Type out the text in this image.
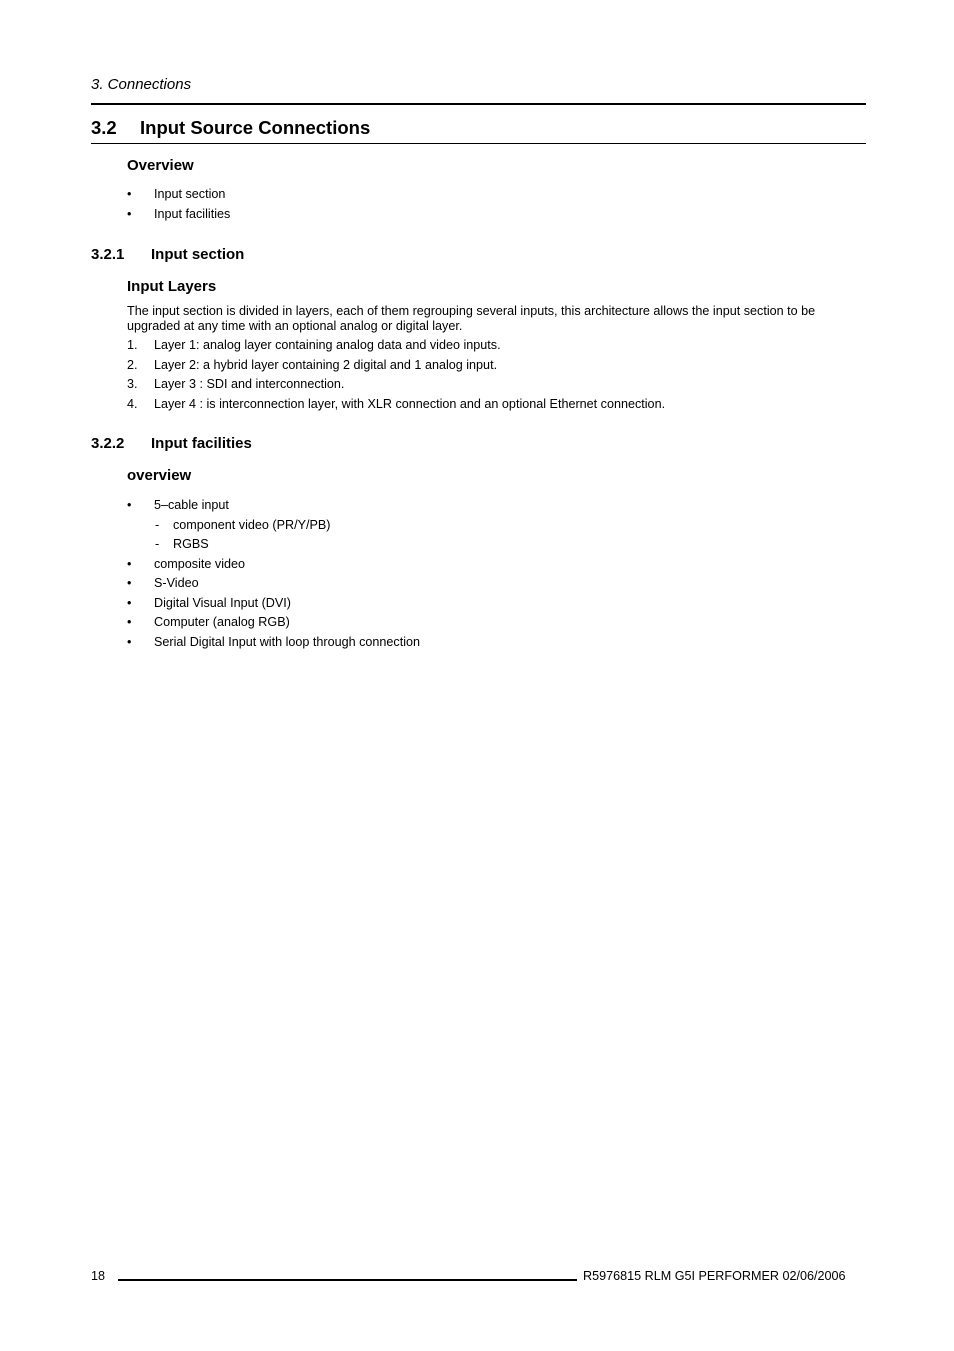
3. Connections
3.2 Input Source Connections
Overview
• Input section
• Input facilities
3.2.1 Input section
Input Layers
The input section is divided in layers, each of them regrouping several inputs, this architecture allows the input section to be upgraded at any time with an optional analog or digital layer.
1. Layer 1: analog layer containing analog data and video inputs.
2. Layer 2: a hybrid layer containing 2 digital and 1 analog input.
3. Layer 3 : SDI and interconnection.
4. Layer 4 : is interconnection layer, with XLR connection and an optional Ethernet connection.
3.2.2 Input facilities
overview
• 5–cable input
- component video (PR/Y/PB)
- RGBS
• composite video
• S-Video
• Digital Visual Input (DVI)
• Computer (analog RGB)
• Serial Digital Input with loop through connection
18	R5976815 RLM G5I PERFORMER 02/06/2006
